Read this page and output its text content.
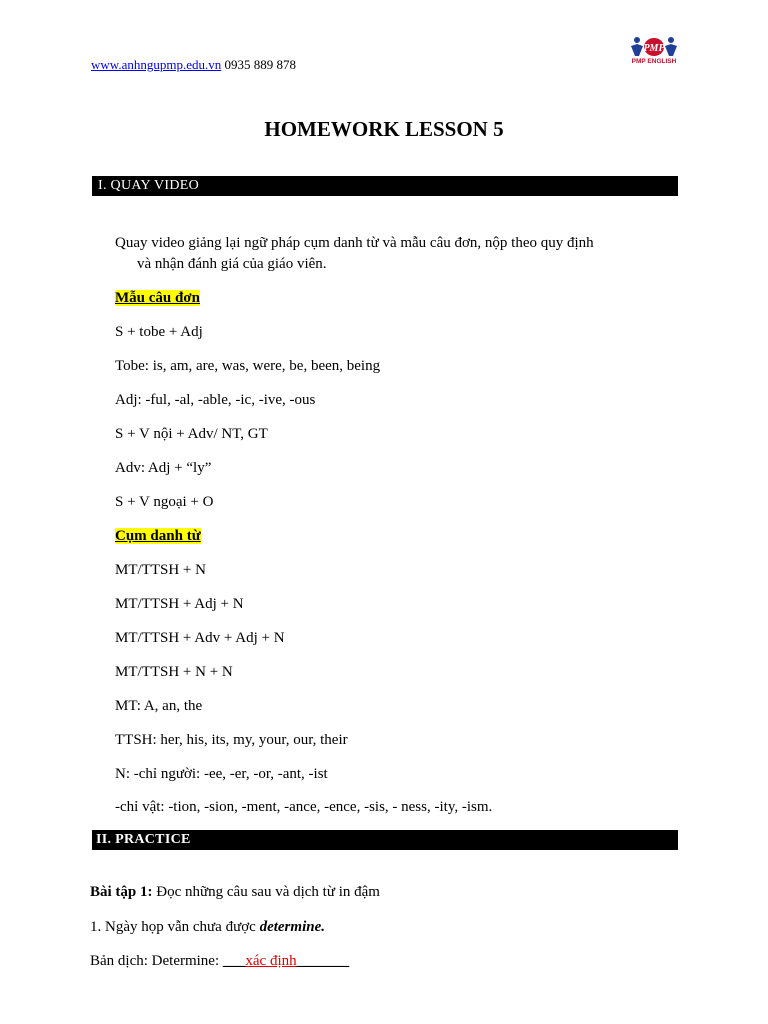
www.anhngupmp.edu.vn 0935 889 878
PMP
PMP ENGLISH
HOMEWORK LESSON 5
I. QUAY VIDEO
Quay video giảng lại ngữ pháp cụm danh từ và mẫu câu đơn, nộp theo quy định
và nhận đánh giá của giáo viên.
Mẫu câu đơn
S + tobe + Adj
Tobe: is, am, are, was, were, be, been, being
Adj: -ful, -al, -able, -ic, -ive, -ous
S + V nội + Adv/ NT, GT
Adv: Adj + “ly”
S + V ngoại + O
Cụm danh từ
MT/TTSH + N
MT/TTSH + Adj + N
MT/TTSH + Adv + Adj + N
MT/TTSH + N + N
MT: A, an, the
TTSH: her, his, its, my, your, our, their
N: -chỉ người: -ee, -er, -or, -ant, -ist
-chỉ vật: -tion, -sion, -ment, -ance, -ence, -sis, - ness, -ity, -ism.
II. PRACTICE
Bài tập 1: Đọc những câu sau và dịch từ in đậm
1. Ngày họp vẫn chưa được determine.
Bản dịch: Determine: ___xác định_______
